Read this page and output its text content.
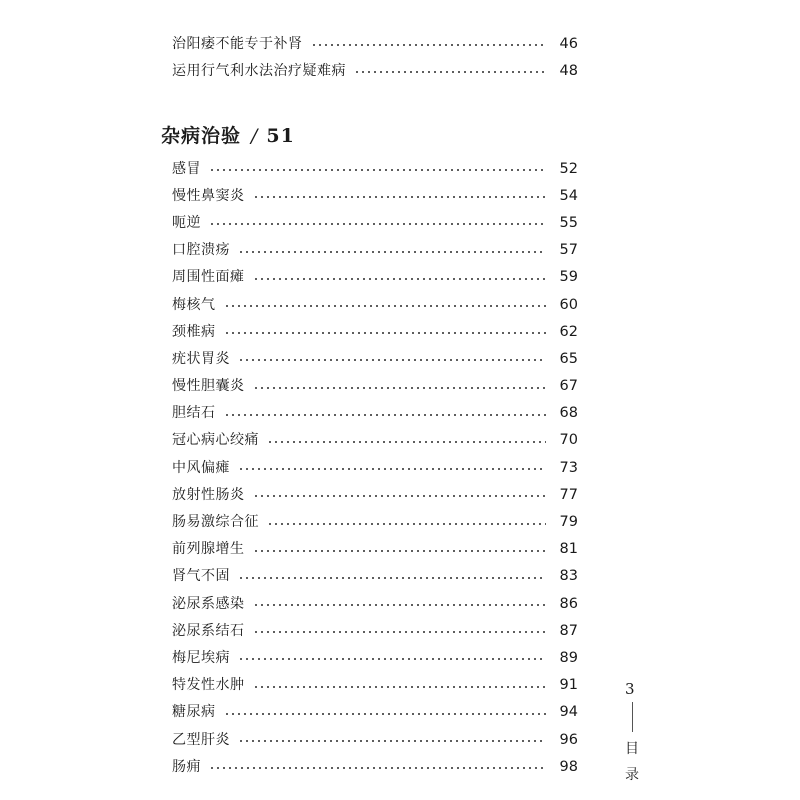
治阳痿不能专于补肾	46
运用行气利水法治疗疑难病	48
杂病治验 / 51
感冒	52
慢性鼻窦炎	54
呃逆	55
口腔溃疡	57
周围性面瘫	59
梅核气	60
颈椎病	62
疣状胃炎	65
慢性胆囊炎	67
胆结石	68
冠心病心绞痛	70
中风偏瘫	73
放射性肠炎	77
肠易激综合征	79
前列腺增生	81
肾气不固	83
泌尿系感染	86
泌尿系结石	87
梅尼埃病	89
特发性水肿	91
糖尿病	94
乙型肝炎	96
肠痈	98
3
目
录
